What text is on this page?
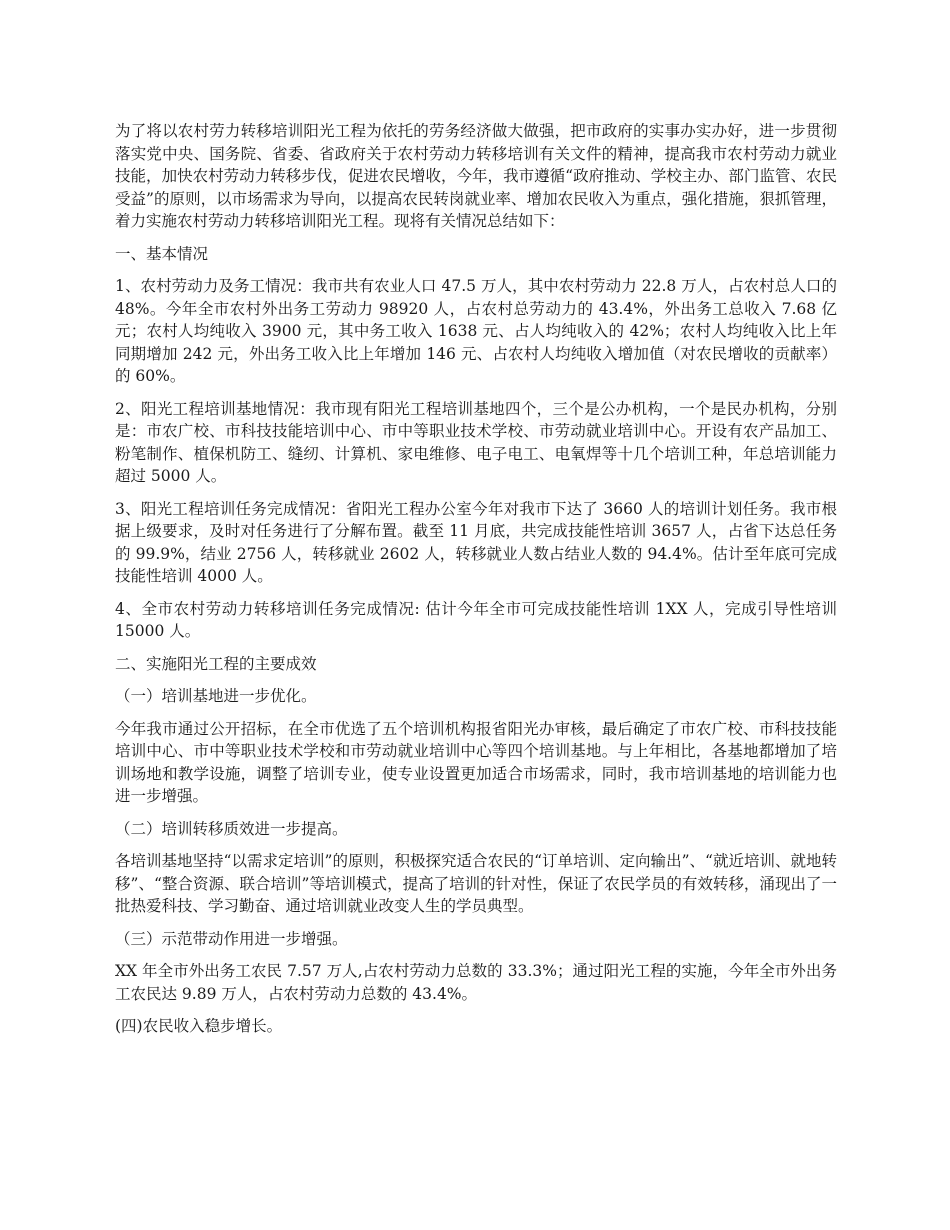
为了将以农村劳力转移培训阳光工程为依托的劳务经济做大做强，把市政府的实事办实办好，进一步贯彻落实党中央、国务院、省委、省政府关于农村劳动力转移培训有关文件的精神，提高我市农村劳动力就业技能，加快农村劳动力转移步伐，促进农民增收，今年，我市遵循“政府推动、学校主办、部门监管、农民受益”的原则，以市场需求为导向，以提高农民转岗就业率、增加农民收入为重点，强化措施，狠抓管理，着力实施农村劳动力转移培训阳光工程。现将有关情况总结如下：

一、基本情况

1、农村劳动力及务工情况：我市共有农业人口 47.5 万人，其中农村劳动力 22.8 万人，占农村总人口的 48%。今年全市农村外出务工劳动力 98920 人，占农村总劳动力的 43.4%，外出务工总收入 7.68 亿元；农村人均纯收入 3900 元，其中务工收入 1638 元、占人均纯收入的 42%；农村人均纯收入比上年同期增加 242 元，外出务工收入比上年增加 146 元、占农村人均纯收入增加值（对农民增收的贡献率）的 60%。

2、阳光工程培训基地情况：我市现有阳光工程培训基地四个，三个是公办机构，一个是民办机构，分别是：市农广校、市科技技能培训中心、市中等职业技术学校、市劳动就业培训中心。开设有农产品加工、粉笔制作、植保机防工、缝纫、计算机、家电维修、电子电工、电氧焊等十几个培训工种，年总培训能力超过 5000 人。

3、阳光工程培训任务完成情况：省阳光工程办公室今年对我市下达了 3660 人的培训计划任务。我市根据上级要求，及时对任务进行了分解布置。截至 11 月底，共完成技能性培训 3657 人，占省下达总任务的 99.9%，结业 2756 人，转移就业 2602 人，转移就业人数占结业人数的 94.4%。估计至年底可完成技能性培训 4000 人。

4、全市农村劳动力转移培训任务完成情况: 估计今年全市可完成技能性培训 1XX 人，完成引导性培训 15000 人。

二、实施阳光工程的主要成效

（一）培训基地进一步优化。

今年我市通过公开招标，在全市优选了五个培训机构报省阳光办审核，最后确定了市农广校、市科技技能培训中心、市中等职业技术学校和市劳动就业培训中心等四个培训基地。与上年相比，各基地都增加了培训场地和教学设施，调整了培训专业，使专业设置更加适合市场需求，同时，我市培训基地的培训能力也进一步增强。

（二）培训转移质效进一步提高。

各培训基地坚持“以需求定培训”的原则，积极探究适合农民的“订单培训、定向输出”、“就近培训、就地转移”、“整合资源、联合培训”等培训模式，提高了培训的针对性，保证了农民学员的有效转移，涌现出了一批热爱科技、学习勤奋、通过培训就业改变人生的学员典型。

（三）示范带动作用进一步增强。

XX 年全市外出务工农民 7.57 万人,占农村劳动力总数的 33.3%；通过阳光工程的实施，今年全市外出务工农民达 9.89 万人，占农村劳动力总数的 43.4%。

(四)农民收入稳步增长。
